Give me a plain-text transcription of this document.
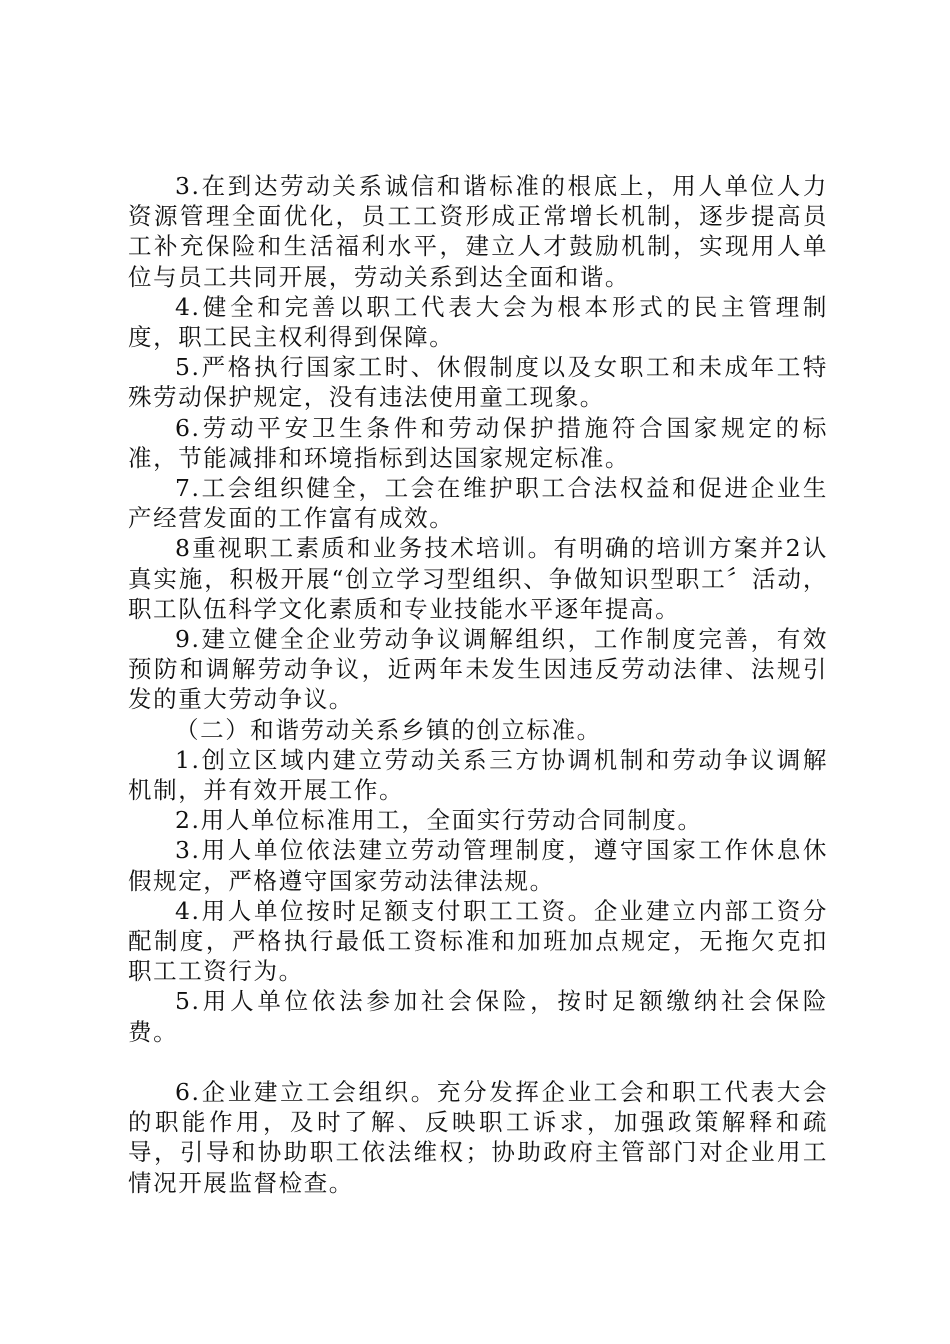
3.在到达劳动关系诚信和谐标准的根底上，用人单位人力资源管理全面优化，员工工资形成正常增长机制，逐步提高员工补充保险和生活福利水平，建立人才鼓励机制，实现用人单位与员工共同开展，劳动关系到达全面和谐。

4.健全和完善以职工代表大会为根本形式的民主管理制度，职工民主权利得到保障。

5.严格执行国家工时、休假制度以及女职工和未成年工特殊劳动保护规定，没有违法使用童工现象。

6.劳动平安卫生条件和劳动保护措施符合国家规定的标准，节能减排和环境指标到达国家规定标准。

7.工会组织健全，工会在维护职工合法权益和促进企业生产经营发面的工作富有成效。

8重视职工素质和业务技术培训。有明确的培训方案并2认真实施，积极开展“创立学习型组织、争做知识型职工〞活动，职工队伍科学文化素质和专业技能水平逐年提高。

9.建立健全企业劳动争议调解组织，工作制度完善，有效预防和调解劳动争议，近两年未发生因违反劳动法律、法规引发的重大劳动争议。

（二）和谐劳动关系乡镇的创立标准。

1.创立区域内建立劳动关系三方协调机制和劳动争议调解机制，并有效开展工作。

2.用人单位标准用工，全面实行劳动合同制度。

3.用人单位依法建立劳动管理制度，遵守国家工作休息休假规定，严格遵守国家劳动法律法规。

4.用人单位按时足额支付职工工资。企业建立内部工资分配制度，严格执行最低工资标准和加班加点规定，无拖欠克扣职工工资行为。

5.用人单位依法参加社会保险，按时足额缴纳社会保险费。

6.企业建立工会组织。充分发挥企业工会和职工代表大会的职能作用，及时了解、反映职工诉求，加强政策解释和疏导，引导和协助职工依法维权；协助政府主管部门对企业用工情况开展监督检查。
